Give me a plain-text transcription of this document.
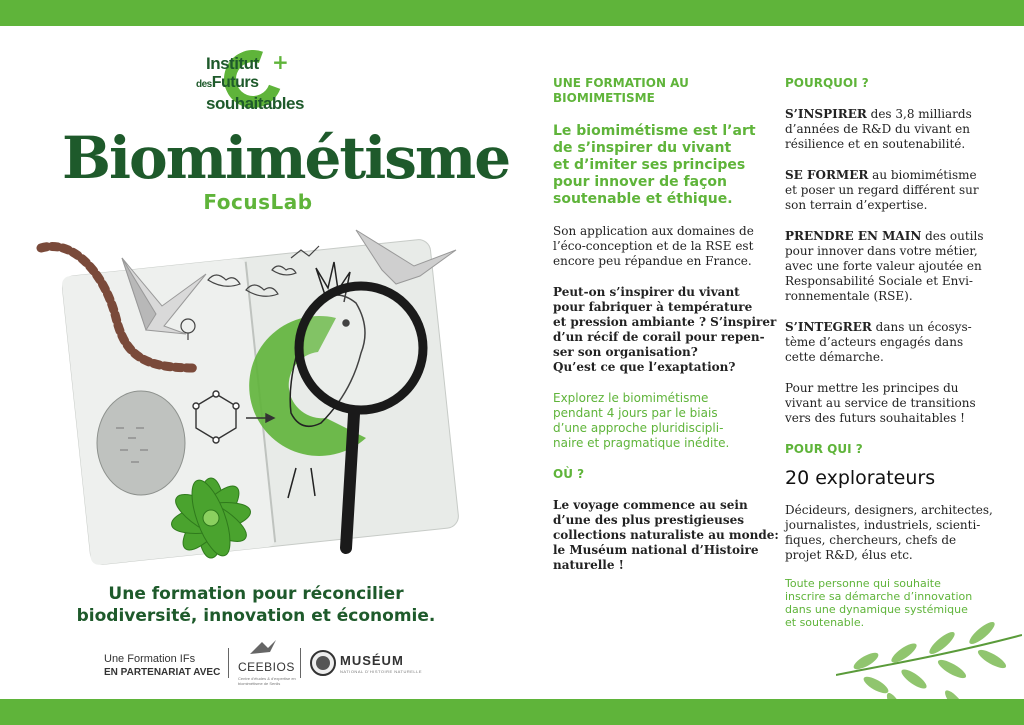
+
Institut
desFuturs
souhaitables
Biomimétisme
FocusLab
Une formation pour réconcilier
biodiversité, innovation et économie.
Une Formation IFs
EN PARTENARIAT AVEC CEEBIOS
Centre d'études & d'expertise en biomimétisme de Senlis
MUSÉUM
NATIONAL D'HISTOIRE NATURELLE
UNE FORMATION AU
BIOMIMETISME
Le biomimétisme est l’art
de s’inspirer du vivant
et d’imiter ses principes
pour innover de façon
soutenable et éthique.
Son application aux domaines de
l’éco-conception et de la RSE est
encore peu répandue en France.
Peut-on s’inspirer du vivant
pour fabriquer à température
et pression ambiante ? S’inspirer
d’un récif de corail pour repen-
ser son organisation?
Qu’est ce que l’exaptation?
Explorez le biomimétisme
pendant 4 jours par le biais
d’une approche pluridiscipli-
naire et pragmatique inédite.
OÙ ?
Le voyage commence au sein
d’une des plus prestigieuses
collections naturaliste au monde:
le Muséum national d’Histoire
naturelle !
POURQUOI ?
S’INSPIRER des 3,8 milliards
d’années de R&D du vivant en
résilience et en soutenabilité.
SE FORMER au biomimétisme
et poser un regard différent sur
son terrain d’expertise.
PRENDRE EN MAIN des outils
pour innover dans votre métier,
avec une forte valeur ajoutée en
Responsabilité Sociale et Envi-
ronnementale (RSE).
S’INTEGRER dans un écosys-
tème d’acteurs engagés dans
cette démarche.
Pour mettre les principes du
vivant au service de transitions
vers des futurs souhaitables !
POUR QUI ?
20 explorateurs
Décideurs, designers, architectes,
journalistes, industriels, scienti-
fiques, chercheurs, chefs de
projet R&D, élus etc.
Toute personne qui souhaite
inscrire sa démarche d’innovation
dans une dynamique systémique
et soutenable.
